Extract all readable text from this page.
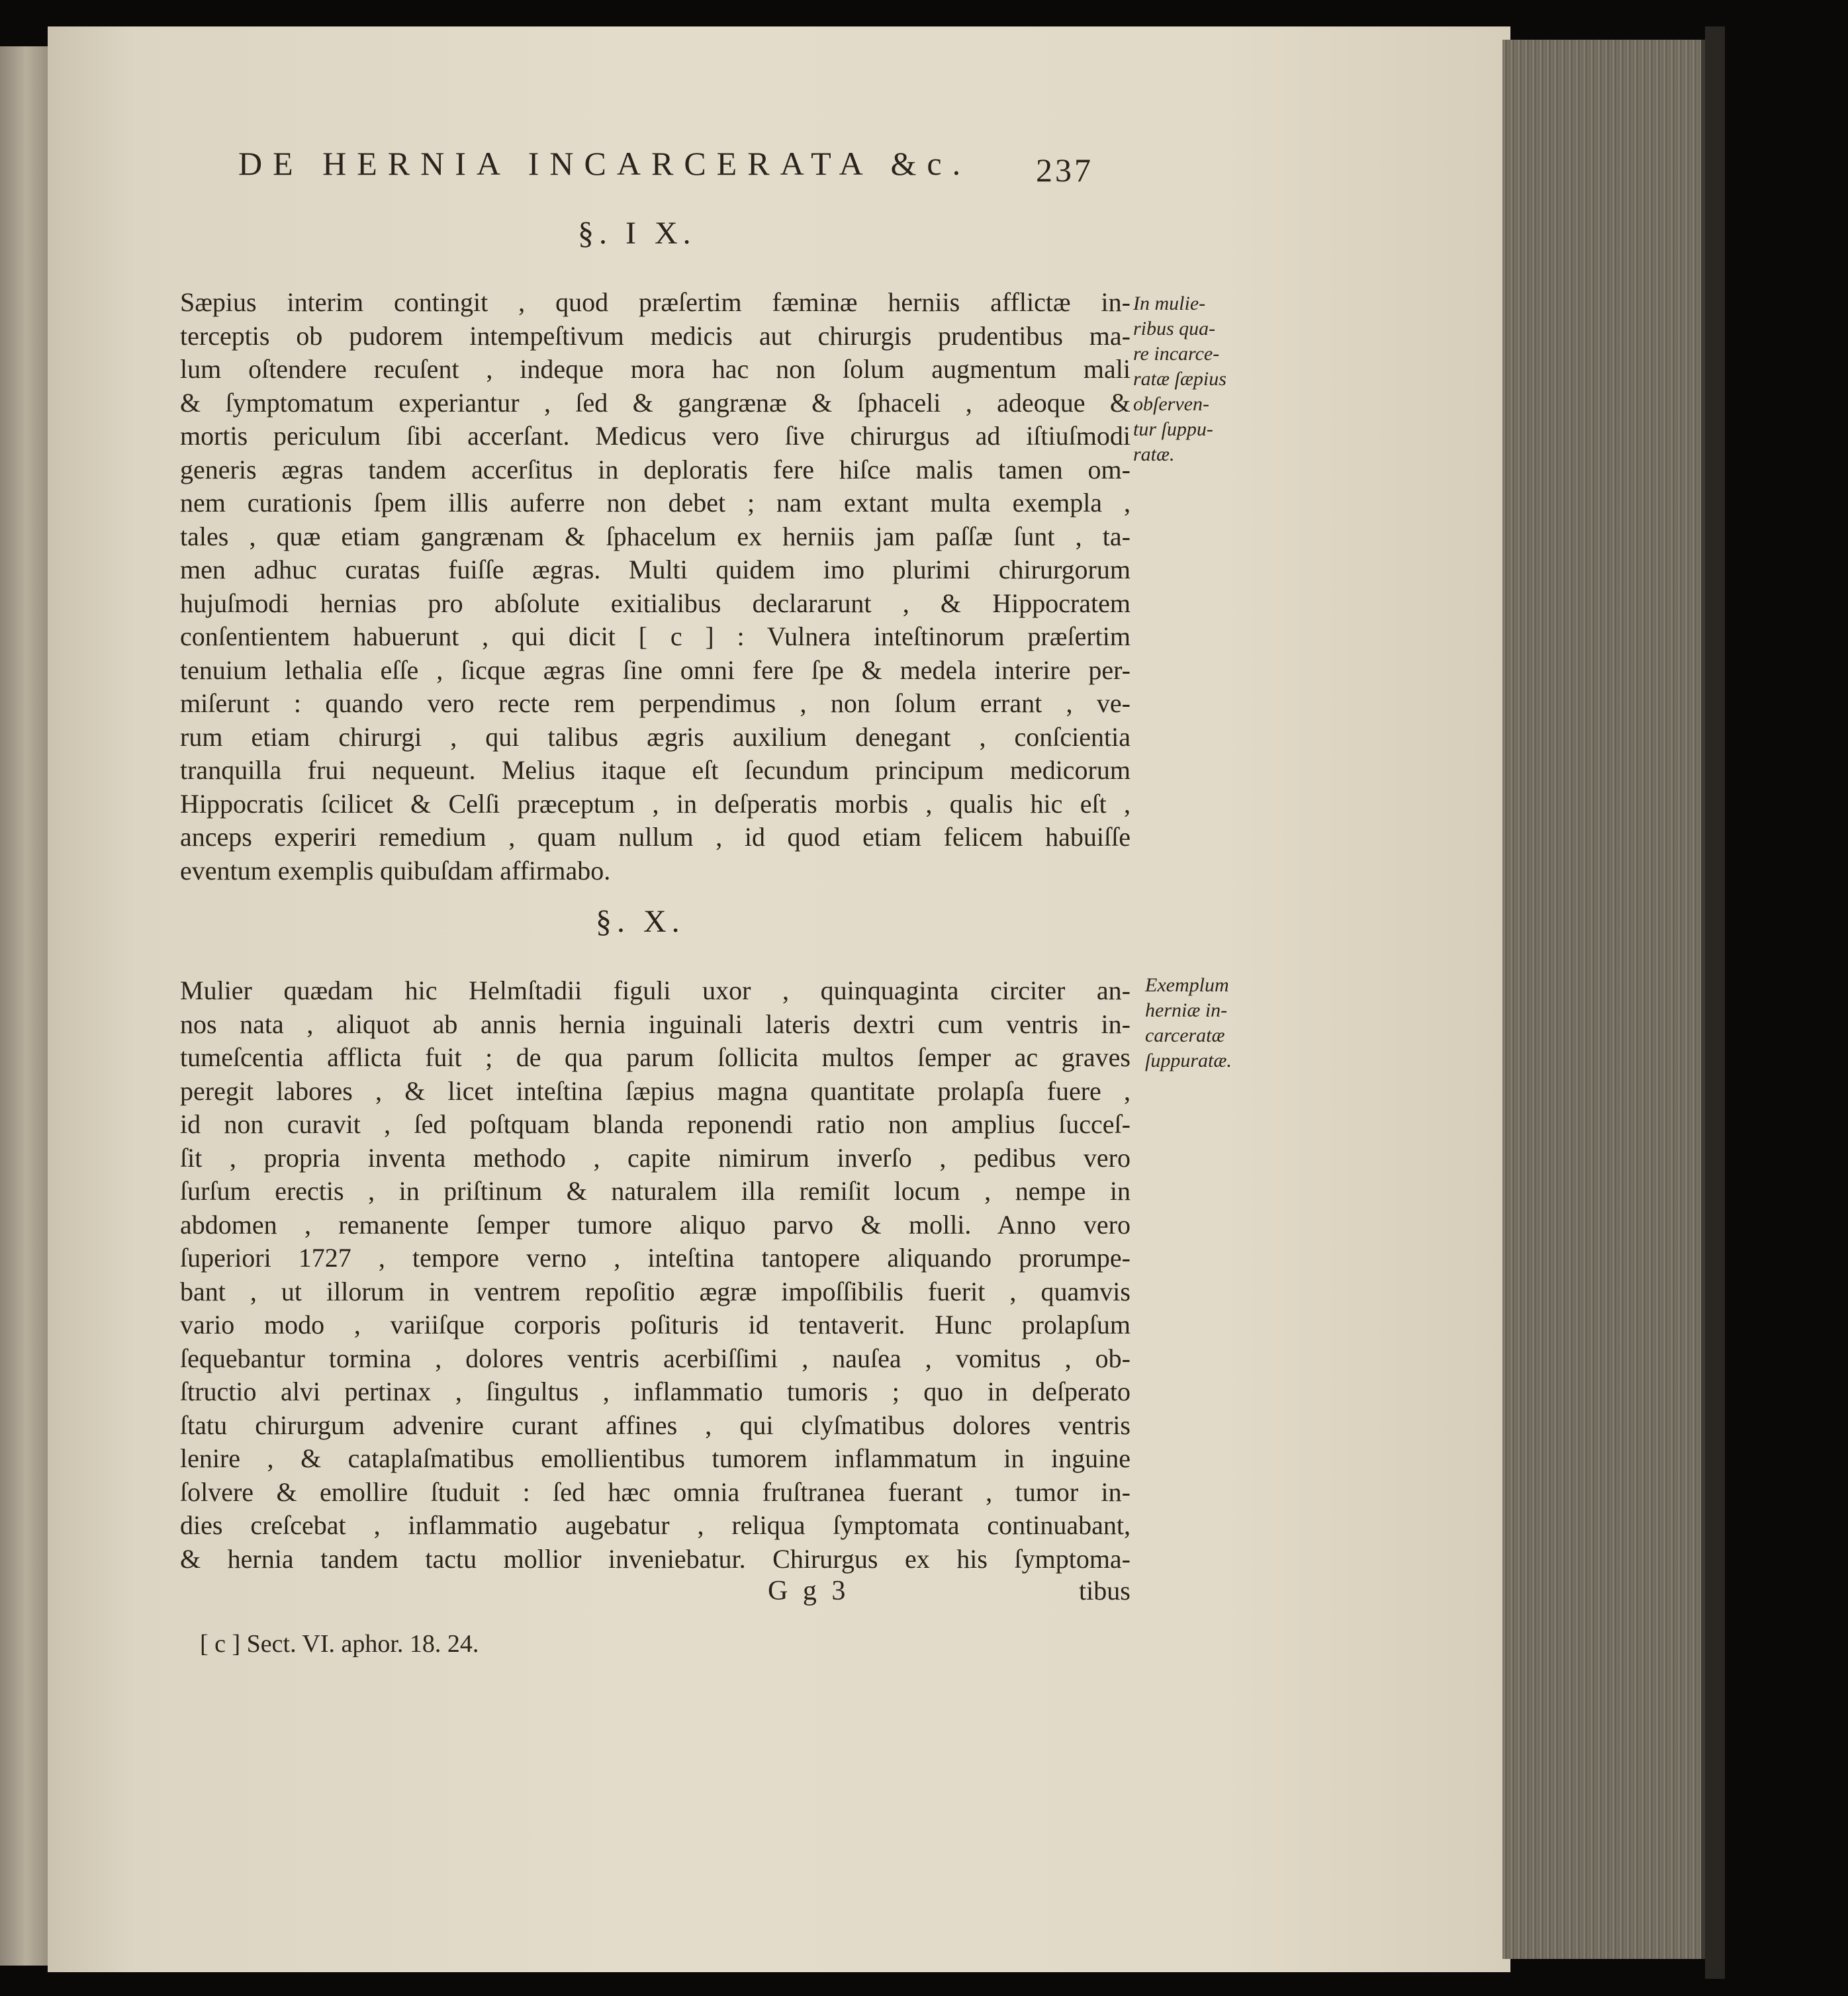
DE HERNIA INCARCERATA &c. 237
§. I X.
Sæpius interim contingit , quod præſertim fæminæ herniis afflictæ in-
terceptis ob pudorem intempeſtivum medicis aut chirurgis prudentibus ma-
lum oſtendere recuſent , indeque mora hac non ſolum augmentum mali
& ſymptomatum experiantur , ſed & gangrænæ & ſphaceli , adeoque &
mortis periculum ſibi accerſant. Medicus vero ſive chirurgus ad iſtiuſmodi
generis ægras tandem accerſitus in deploratis fere hiſce malis tamen om-
nem curationis ſpem illis auferre non debet ; nam extant multa exempla ,
tales , quæ etiam gangrænam & ſphacelum ex herniis jam paſſæ ſunt , ta-
men adhuc curatas fuiſſe ægras. Multi quidem imo plurimi chirurgorum
hujuſmodi hernias pro abſolute exitialibus declararunt , & Hippocratem
conſentientem habuerunt , qui dicit [ c ] : Vulnera inteſtinorum præſertim
tenuium lethalia eſſe , ſicque ægras ſine omni fere ſpe & medela interire per-
miſerunt : quando vero recte rem perpendimus , non ſolum errant , ve-
rum etiam chirurgi , qui talibus ægris auxilium denegant , conſcientia
tranquilla frui nequeunt. Melius itaque eſt ſecundum principum medicorum
Hippocratis ſcilicet & Celſi præceptum , in deſperatis morbis , qualis hic eſt ,
anceps experiri remedium , quam nullum , id quod etiam felicem habuiſſe
eventum exemplis quibuſdam affirmabo.
In mulie-
ribus qua-
re incarce-
ratæ ſæpius
obſerven-
tur ſuppu-
ratæ.
§. X.
Mulier quædam hic Helmſtadii figuli uxor , quinquaginta circiter an-
nos nata , aliquot ab annis hernia inguinali lateris dextri cum ventris in-
tumeſcentia afflicta fuit ; de qua parum ſollicita multos ſemper ac graves
peregit labores , & licet inteſtina ſæpius magna quantitate prolapſa fuere ,
id non curavit , ſed poſtquam blanda reponendi ratio non amplius ſucceſ-
ſit , propria inventa methodo , capite nimirum inverſo , pedibus vero
ſurſum erectis , in priſtinum & naturalem illa remiſit locum , nempe in
abdomen , remanente ſemper tumore aliquo parvo & molli. Anno vero
ſuperiori 1727 , tempore verno , inteſtina tantopere aliquando prorumpe-
bant , ut illorum in ventrem repoſitio ægræ impoſſibilis fuerit , quamvis
vario modo , variiſque corporis poſituris id tentaverit. Hunc prolapſum
ſequebantur tormina , dolores ventris acerbiſſimi , nauſea , vomitus , ob-
ſtructio alvi pertinax , ſingultus , inflammatio tumoris ; quo in deſperato
ſtatu chirurgum advenire curant affines , qui clyſmatibus dolores ventris
lenire , & cataplaſmatibus emollientibus tumorem inflammatum in inguine
ſolvere & emollire ſtuduit : ſed hæc omnia fruſtranea fuerant , tumor in-
dies creſcebat , inflammatio augebatur , reliqua ſymptomata continuabant,
& hernia tandem tactu mollior inveniebatur. Chirurgus ex his ſymptoma-
Exemplum
herniæ in-
carceratæ
ſuppuratæ.
G g 3	tibus
[ c ] Sect. VI. aphor. 18. 24.
